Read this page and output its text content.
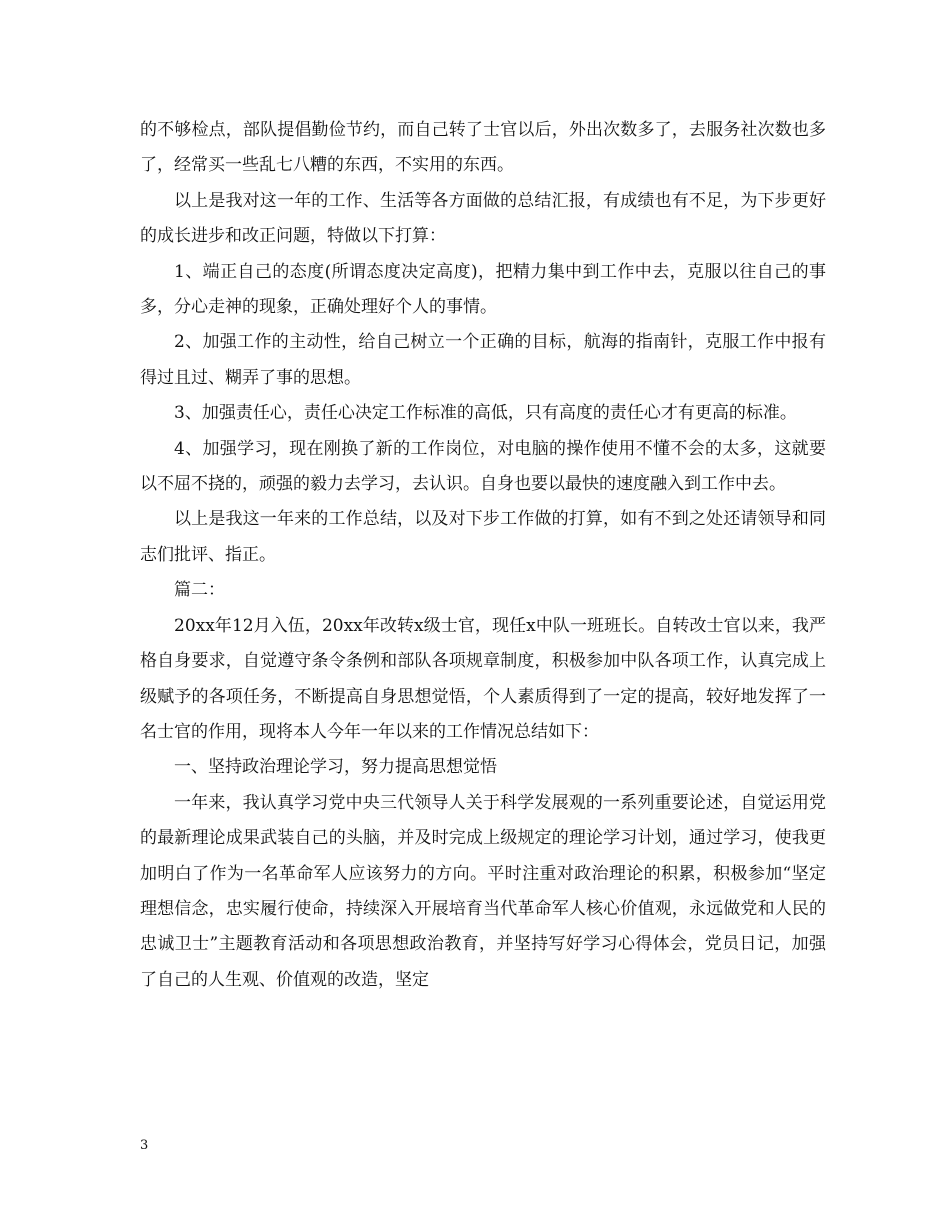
的不够检点，部队提倡勤俭节约，而自己转了士官以后，外出次数多了，去服务社次数也多了，经常买一些乱七八糟的东西，不实用的东西。

以上是我对这一年的工作、生活等各方面做的总结汇报，有成绩也有不足，为下步更好的成长进步和改正问题，特做以下打算：

1、端正自己的态度(所谓态度决定高度)，把精力集中到工作中去，克服以往自己的事多，分心走神的现象，正确处理好个人的事情。

2、加强工作的主动性，给自己树立一个正确的目标，航海的指南针，克服工作中报有得过且过、糊弄了事的思想。

3、加强责任心，责任心决定工作标准的高低，只有高度的责任心才有更高的标准。

4、加强学习，现在刚换了新的工作岗位，对电脑的操作使用不懂不会的太多，这就要以不屈不挠的，顽强的毅力去学习，去认识。自身也要以最快的速度融入到工作中去。

以上是我这一年来的工作总结，以及对下步工作做的打算，如有不到之处还请领导和同志们批评、指正。

篇二：

20xx年12月入伍，20xx年改转x级士官，现任x中队一班班长。自转改士官以来，我严格自身要求，自觉遵守条令条例和部队各项规章制度，积极参加中队各项工作，认真完成上级赋予的各项任务，不断提高自身思想觉悟，个人素质得到了一定的提高，较好地发挥了一名士官的作用，现将本人今年一年以来的工作情况总结如下：

一、坚持政治理论学习，努力提高思想觉悟

一年来，我认真学习党中央三代领导人关于科学发展观的一系列重要论述，自觉运用党的最新理论成果武装自己的头脑，并及时完成上级规定的理论学习计划，通过学习，使我更加明白了作为一名革命军人应该努力的方向。平时注重对政治理论的积累，积极参加“坚定理想信念，忠实履行使命，持续深入开展培育当代革命军人核心价值观，永远做党和人民的忠诚卫士”主题教育活动和各项思想政治教育，并坚持写好学习心得体会，党员日记，加强了自己的人生观、价值观的改造，坚定

3
